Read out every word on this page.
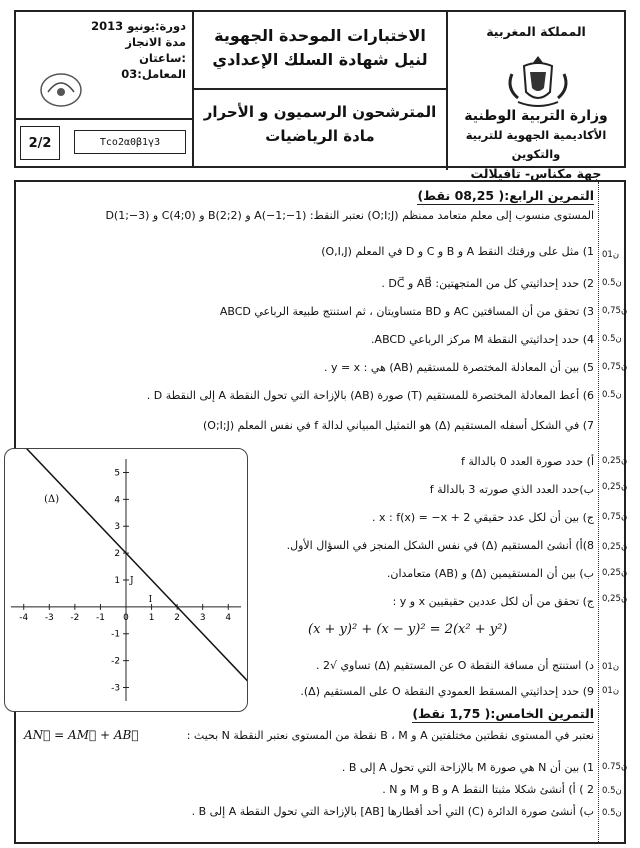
دورة:يونيو 2013
مدة الانجاز :ساعتان
المعامل:03
2/2	Tco2α0β1γ3
الاختبارات الموحدة الجهوية
لنيل شهادة السلك الإعدادي
المترشحون الرسميون و الأحرار
مادة الرياضيات
المملكة المغربية
وزارة التربية الوطنية
الأكاديمية الجهوية للتربية والتكوين
جهة مكناس- تافيلالت
التمرين الرابع:( 08,25 نقط)
المستوى منسوب إلى معلم متعامد ممنظم (O;I;J) نعتبر النقط: A(−1;−1) و B(2;2) و C(4;0) و D(1;−3)
1) مثل على ورقتك النقط A و B و C و D في المعلم (O,I,J)
2) حدد إحداثيتي كل من المتجهتين: AB⃗ و DC⃗ .
3) تحقق من أن المسافتين AC و BD متساويتان ، ثم استنتج طبيعة الرباعي ABCD
4) حدد إحداثيتي النقطة M مركز الرباعي ABCD.
5) بين أن المعادلة المختصرة للمستقيم (AB) هي : y = x .
6) أعط المعادلة المختصرة للمستقيم (T) صورة (AB) بالإزاحة التي تحول النقطة A إلى النقطة D .
7) في الشكل أسفله المستقيم (Δ) هو التمثيل المبياني لدالة f في نفس المعلم (O;I;J)
أ) حدد صورة العدد 0 بالدالة f
ب)حدد العدد الذي صورته 3 بالدالة f
ج) بين أن لكل عدد حقيقي x : f(x) = −x + 2 .
8)أ) أنشئ المستقيم (Δ) في نفس الشكل المنجز في السؤال الأول.
ب) بين أن المستقيمين (Δ) و (AB) متعامدان.
ج) تحقق من أن لكل عددين حقيقيين x و y :
(x + y)² + (x − y)² = 2(x² + y²)
د) استنتج أن مسافة النقطة O عن المستقيم (Δ) تساوي √2 .
9) حدد إحداثيتي المسقط العمودي النقطة O على المستقيم (Δ).
التمرين الخامس:( 1,75 نقط)
نعتبر في المستوى نقطتين مختلفتين A و B ، M نقطة من المستوى نعتبر النقطة N بحيث :
AN⃗ = AM⃗ + AB⃗
1) بين أن N هي صورة M بالإزاحة التي تحول A إلى B .
2 ) أ) أنشئ شكلا مثبتا النقط A و B و M و N .
ب) أنشئ صورة الدائرة (C) التي أحد أقطارها [AB] بالإزاحة التي تحول النقطة A إلى B .
0ن1
0.5ن
0,75ن
0.5ن
0,75ن
0.5ن
0,25ن
0,25ن
0,75ن
0,25ن
0,25ن
0,25ن
0ن1
0ن1
0.75ن
0.5ن
0.5ن
-4 -3 -2 -1 0 1 2 3 4
5
4
3
2
1
-1
-2
-3
(Δ)
I
J
